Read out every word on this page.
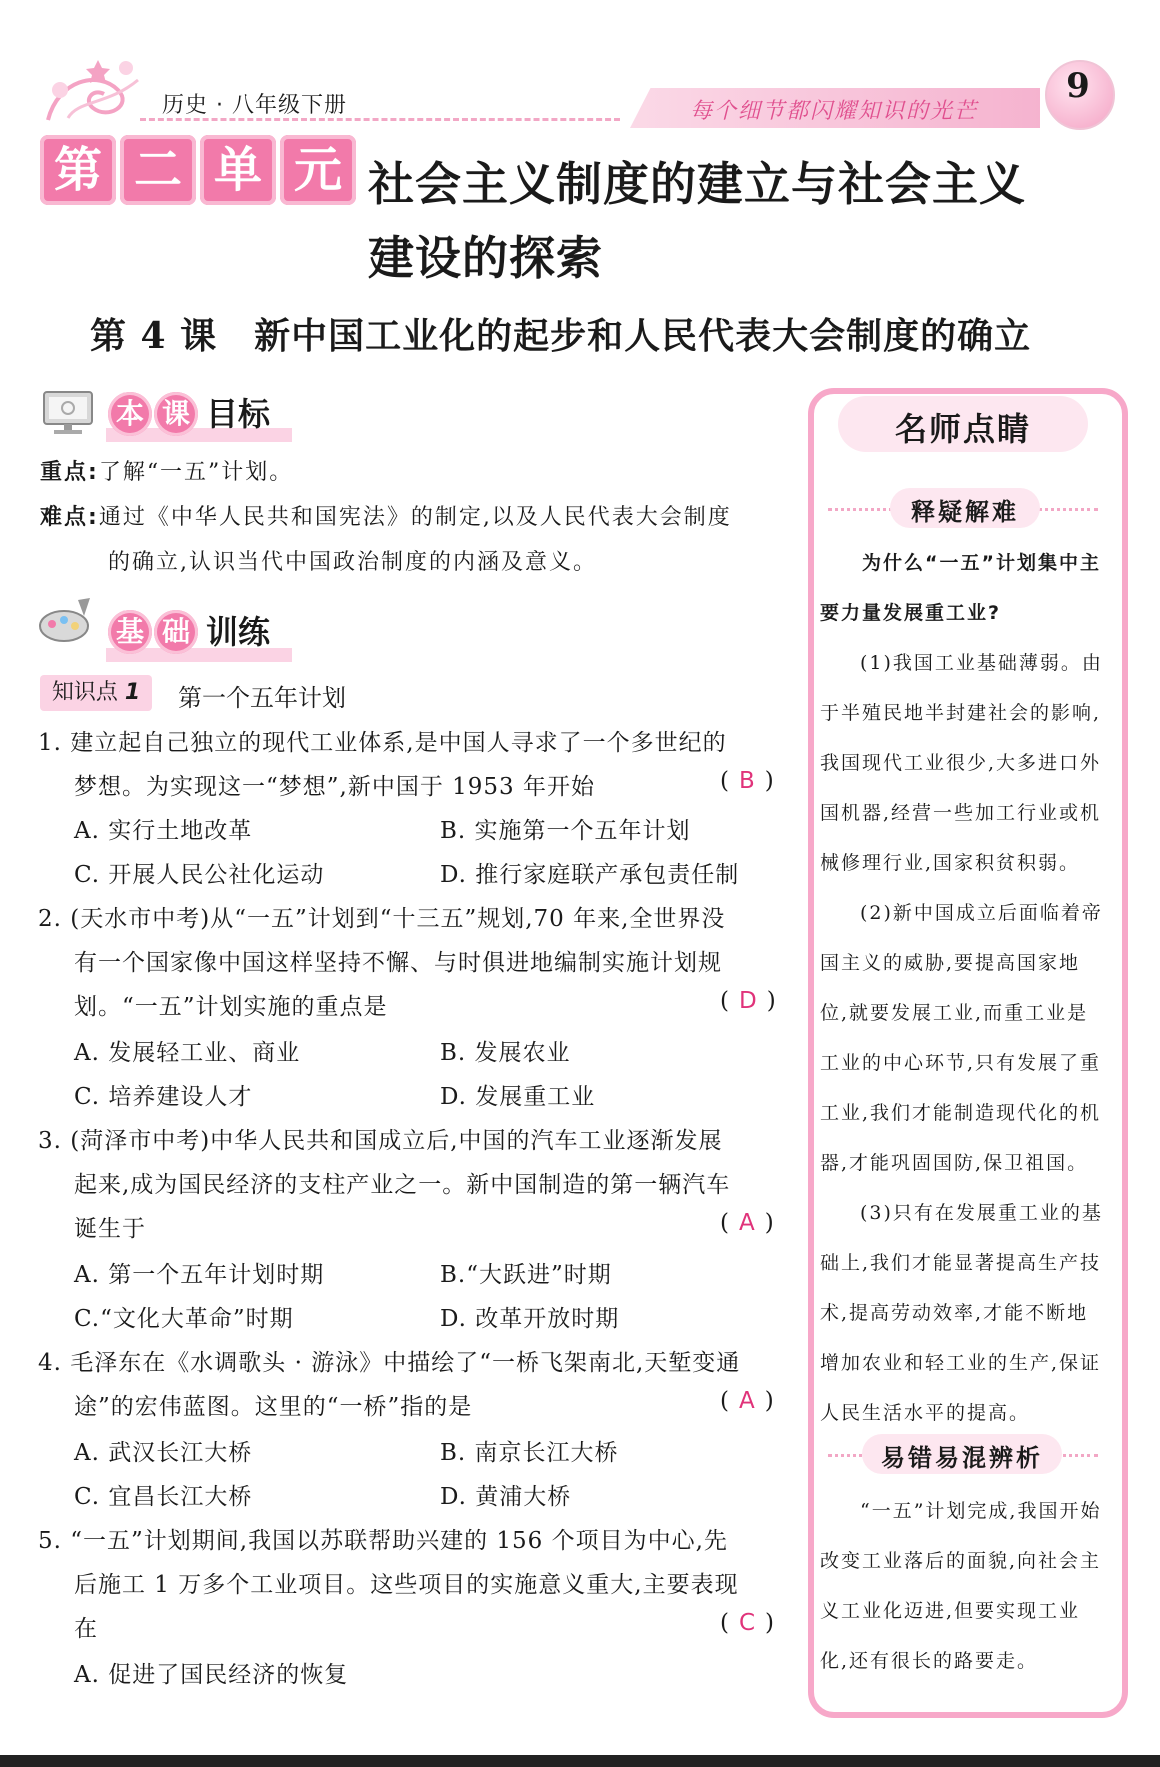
历史 · 八年级下册	每个细节都闪耀知识的光芒
9
第 二 单 元 社会主义制度的建立与社会主义
建设的探索
第 4 课　新中国工业化的起步和人民代表大会制度的确立
本 课 目标
重点:了解“一五”计划。
难点:通过《中华人民共和国宪法》的制定,以及人民代表大会制度
的确立,认识当代中国政治制度的内涵及意义。
基 础 训练
知识点 1	第一个五年计划
1. 建立起自己独立的现代工业体系,是中国人寻求了一个多世纪的
梦想。为实现这一“梦想”,新中国于 1953 年开始	(B)
A. 实行土地改革	B. 实施第一个五年计划
C. 开展人民公社化运动	D. 推行家庭联产承包责任制
2. (天水市中考)从“一五”计划到“十三五”规划,70 年来,全世界没
有一个国家像中国这样坚持不懈、与时俱进地编制实施计划规
划。“一五”计划实施的重点是	(D)
A. 发展轻工业、商业	B. 发展农业
C. 培养建设人才	D. 发展重工业
3. (菏泽市中考)中华人民共和国成立后,中国的汽车工业逐渐发展
起来,成为国民经济的支柱产业之一。新中国制造的第一辆汽车
诞生于	(A)
A. 第一个五年计划时期	B.“大跃进”时期
C.“文化大革命”时期	D. 改革开放时期
4. 毛泽东在《水调歌头 · 游泳》中描绘了“一桥飞架南北,天堑变通
途”的宏伟蓝图。这里的“一桥”指的是	(A)
A. 武汉长江大桥	B. 南京长江大桥
C. 宜昌长江大桥	D. 黄浦大桥
5. “一五”计划期间,我国以苏联帮助兴建的 156 个项目为中心,先
后施工 1 万多个工业项目。这些项目的实施意义重大,主要表现
在	(C)
A. 促进了国民经济的恢复
名师点睛
释疑解难
为什么“一五”计划集中主
要力量发展重工业?
(1)我国工业基础薄弱。由
于半殖民地半封建社会的影响,
我国现代工业很少,大多进口外
国机器,经营一些加工行业或机
械修理行业,国家积贫积弱。
(2)新中国成立后面临着帝
国主义的威胁,要提高国家地
位,就要发展工业,而重工业是
工业的中心环节,只有发展了重
工业,我们才能制造现代化的机
器,才能巩固国防,保卫祖国。
(3)只有在发展重工业的基
础上,我们才能显著提高生产技
术,提高劳动效率,才能不断地
增加农业和轻工业的生产,保证
人民生活水平的提高。
易错易混辨析
“一五”计划完成,我国开始
改变工业落后的面貌,向社会主
义工业化迈进,但要实现工业
化,还有很长的路要走。
